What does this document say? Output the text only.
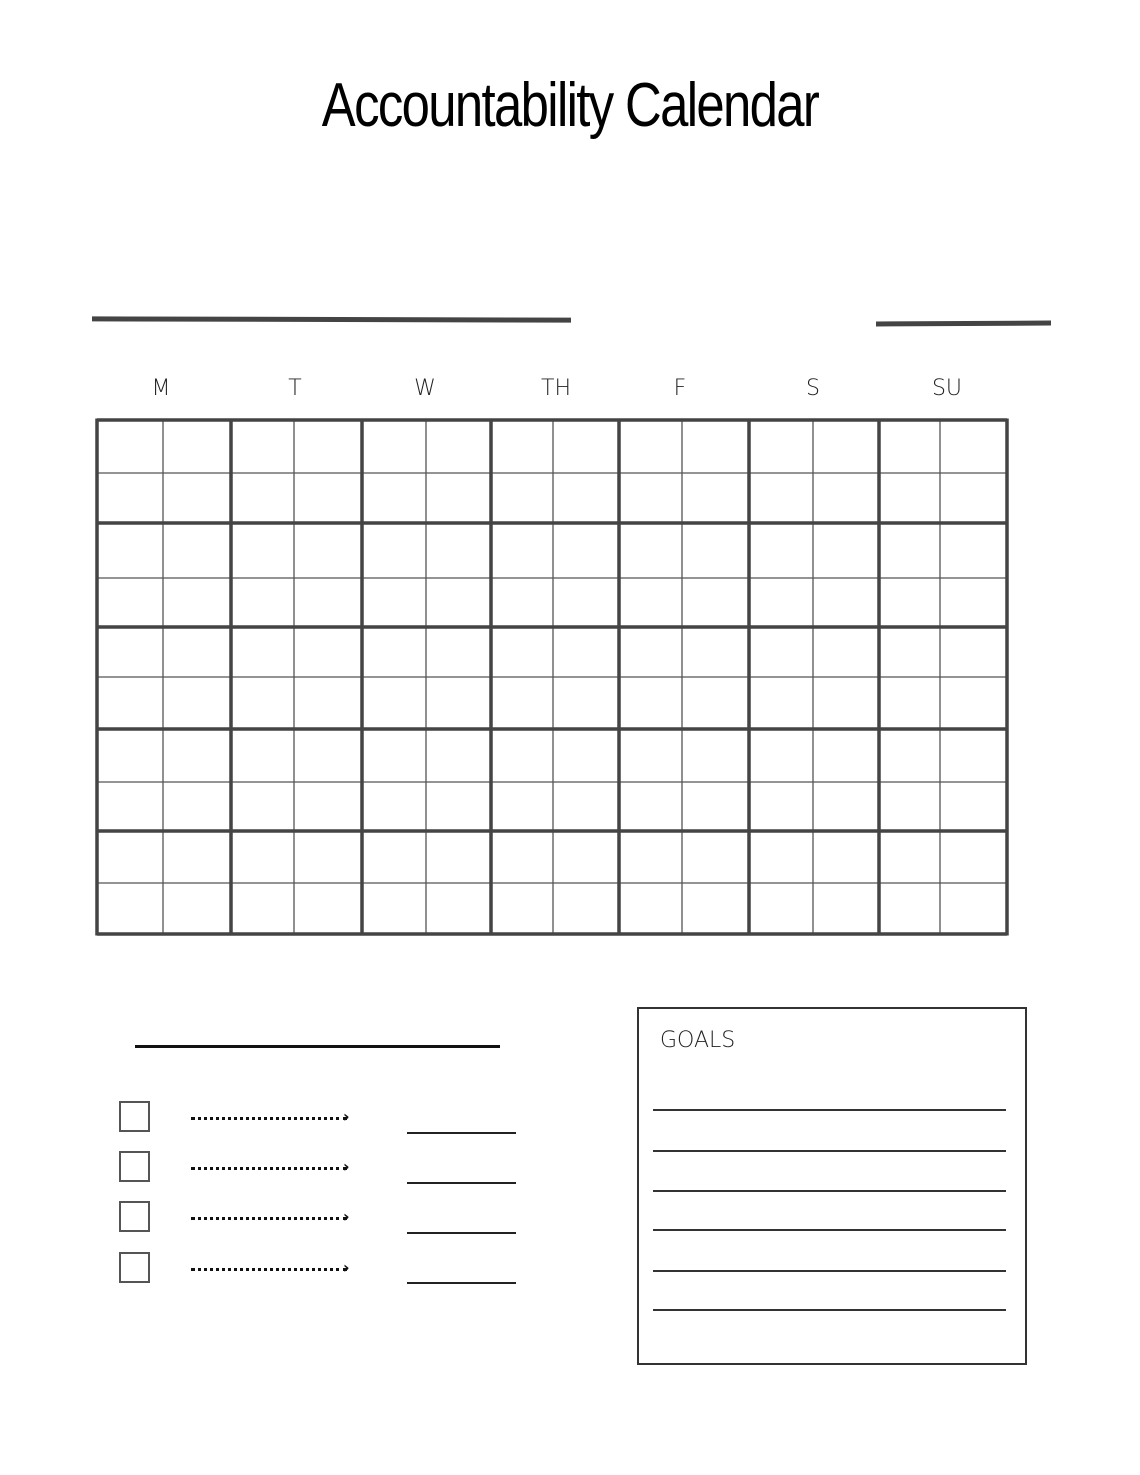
Accountability Calendar
M	T	W	TH	F	S	SU
›
›
›
›
GOALS
